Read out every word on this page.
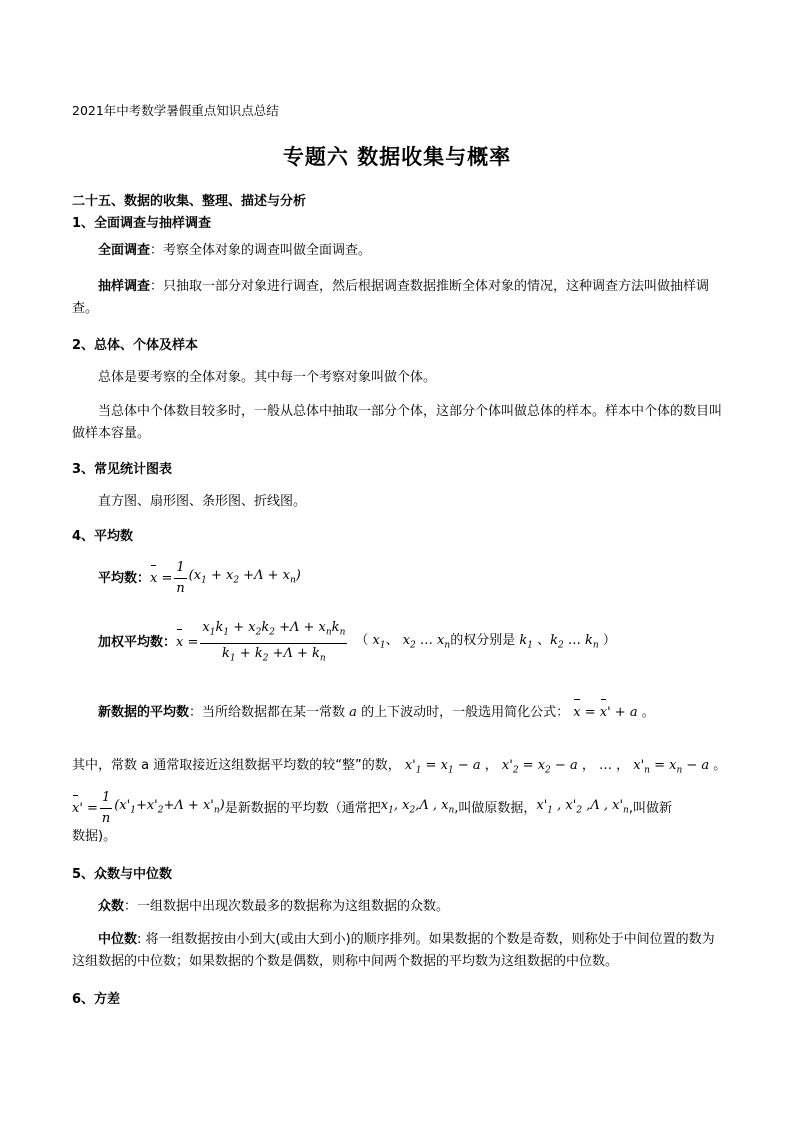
2021年中考数学暑假重点知识点总结
专题六 数据收集与概率
二十五、数据的收集、整理、描述与分析
1、全面调查与抽样调查
全面调查：考察全体对象的调查叫做全面调查。
抽样调查：只抽取一部分对象进行调查，然后根据调查数据推断全体对象的情况，这种调查方法叫做抽样调查。
2、总体、个体及样本
总体是要考察的全体对象。其中每一个考察对象叫做个体。
当总体中个体数目较多时，一般从总体中抽取一部分个体，这部分个体叫做总体的样本。样本中个体的数目叫做样本容量。
3、常见统计图表
直方图、扇形图、条形图、折线图。
4、平均数
平均数： $x = \frac{1}{n} (x_1 + x_2 +\Lambda + x_n)$
加权平均数： $x = \frac{x_1k_1 + x_2k_2 +\Lambda + x_nk_n}{k_1 + k_2 +\Lambda + k_n}$ （ $x_1$、 $x_2$ … $x_n$的权分别是 $k_1$ 、$k_2$ … $k_n$ ）
新数据的平均数：当所给数据都在某一常数 a 的上下波动时，一般选用简化公式： x = x' + a 。
其中，常数 a 通常取接近这组数据平均数的较“整”的数， $x'_1 = x_1 - a$ ， $x'_2 = x_2 - a$ ， … ， $x'_n = x_n - a$ 。
x ' = $\frac{1}{n} (x'_1+x'_2+\Lambda + x'_n)$ 是新数据的平均数（通常把 $x_1$, $x_2,\Lambda$ , $x_n$ ,叫做原数据， $x'_1$ , $x'_2$ ,Λ , $x'_n$ ,叫做新
数据)。
5、众数与中位数
众数：一组数据中出现次数最多的数据称为这组数据的众数。
中位数: 将一组数据按由小到大(或由大到小)的顺序排列。如果数据的个数是奇数，则称处于中间位置的数为这组数据的中位数；如果数据的个数是偶数，则称中间两个数据的平均数为这组数据的中位数。
6、方差
